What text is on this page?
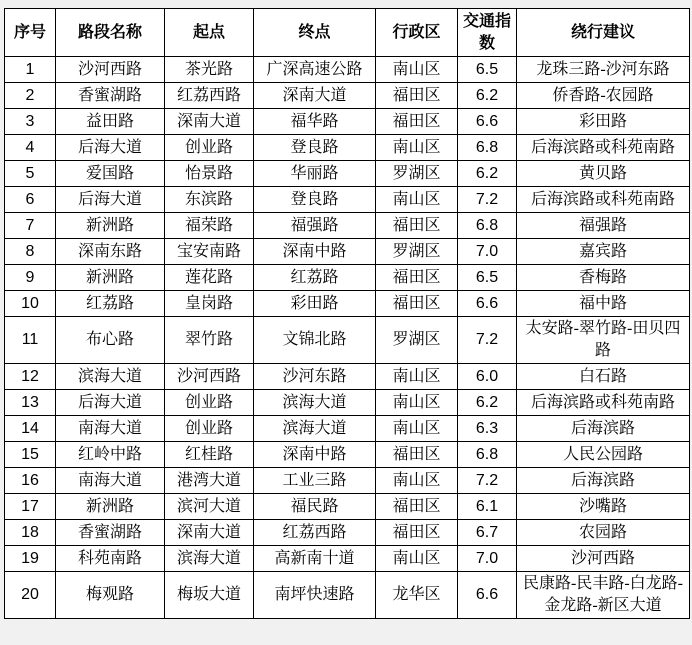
序号	路段名称	起点	终点	行政区	交通指数	绕行建议
1	沙河西路	茶光路	广深高速公路	南山区	6.5	龙珠三路-沙河东路
2	香蜜湖路	红荔西路	深南大道	福田区	6.2	侨香路-农园路
3	益田路	深南大道	福华路	福田区	6.6	彩田路
4	后海大道	创业路	登良路	南山区	6.8	后海滨路或科苑南路
5	爱国路	怡景路	华丽路	罗湖区	6.2	黄贝路
6	后海大道	东滨路	登良路	南山区	7.2	后海滨路或科苑南路
7	新洲路	福荣路	福强路	福田区	6.8	福强路
8	深南东路	宝安南路	深南中路	罗湖区	7.0	嘉宾路
9	新洲路	莲花路	红荔路	福田区	6.5	香梅路
10	红荔路	皇岗路	彩田路	福田区	6.6	福中路
11	布心路	翠竹路	文锦北路	罗湖区	7.2	太安路-翠竹路-田贝四路
12	滨海大道	沙河西路	沙河东路	南山区	6.0	白石路
13	后海大道	创业路	滨海大道	南山区	6.2	后海滨路或科苑南路
14	南海大道	创业路	滨海大道	南山区	6.3	后海滨路
15	红岭中路	红桂路	深南中路	福田区	6.8	人民公园路
16	南海大道	港湾大道	工业三路	南山区	7.2	后海滨路
17	新洲路	滨河大道	福民路	福田区	6.1	沙嘴路
18	香蜜湖路	深南大道	红荔西路	福田区	6.7	农园路
19	科苑南路	滨海大道	高新南十道	南山区	7.0	沙河西路
20	梅观路	梅坂大道	南坪快速路	龙华区	6.6	民康路-民丰路-白龙路-金龙路-新区大道
